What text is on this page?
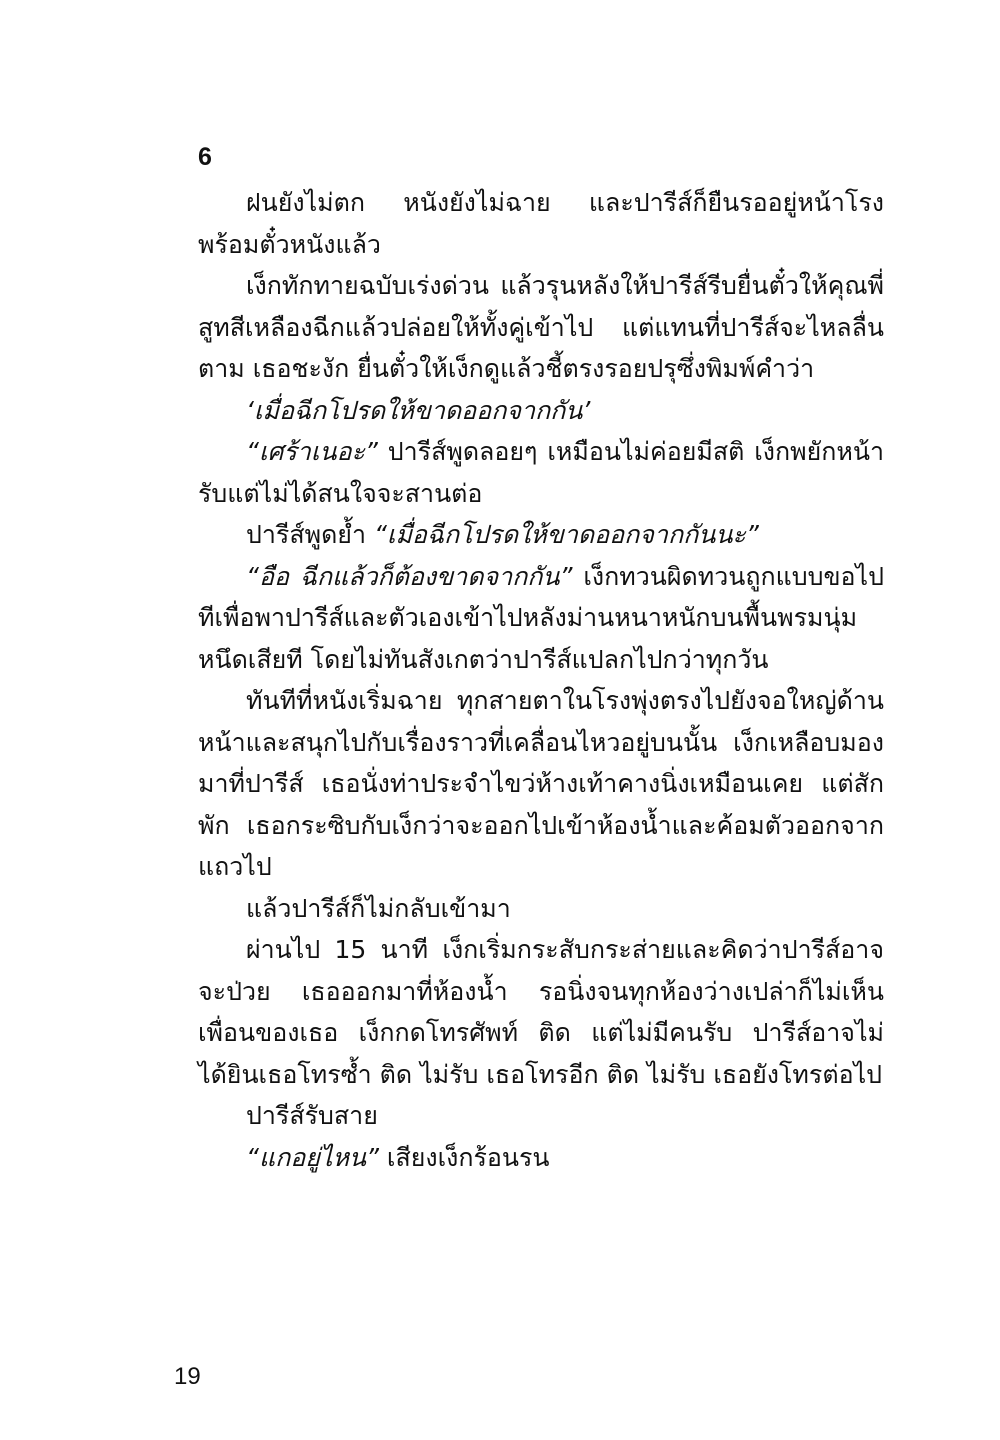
6

ฝนยังไม่ตก หนังยังไม่ฉาย และปารีส์ก็ยืนรออยู่หน้าโรงพร้อมตั๋วหนังแล้ว

เง็กทักทายฉบับเร่งด่วน แล้วรุนหลังให้ปารีส์รีบยื่นตั๋วให้คุณพี่สูทสีเหลืองฉีกแล้วปล่อยให้ทั้งคู่เข้าไป แต่แทนที่ปารีส์จะไหลลื่นตาม เธอชะงัก ยื่นตั๋วให้เง็กดูแล้วชี้ตรงรอยปรุซึ่งพิมพ์คำว่า

‘เมื่อฉีกโปรดให้ขาดออกจากกัน’

“เศร้าเนอะ” ปารีส์พูดลอยๆ เหมือนไม่ค่อยมีสติ เง็กพยักหน้ารับแต่ไม่ได้สนใจจะสานต่อ

ปารีส์พูดย้ำ “เมื่อฉีกโปรดให้ขาดออกจากกันนะ”

“อือ ฉีกแล้วก็ต้องขาดจากกัน” เง็กทวนผิดทวนถูกแบบขอไปทีเพื่อพาปารีส์และตัวเองเข้าไปหลังม่านหนาหนักบนพื้นพรมนุ่มหนึดเสียที โดยไม่ทันสังเกตว่าปารีส์แปลกไปกว่าทุกวัน

ทันทีที่หนังเริ่มฉาย ทุกสายตาในโรงพุ่งตรงไปยังจอใหญ่ด้านหน้าและสนุกไปกับเรื่องราวที่เคลื่อนไหวอยู่บนนั้น เง็กเหลือบมองมาที่ปารีส์ เธอนั่งท่าประจำไขว่ห้างเท้าคางนิ่งเหมือนเคย แต่สักพัก เธอกระซิบกับเง็กว่าจะออกไปเข้าห้องน้ำและค้อมตัวออกจากแถวไป

แล้วปารีส์ก็ไม่กลับเข้ามา

ผ่านไป 15 นาที เง็กเริ่มกระสับกระส่ายและคิดว่าปารีส์อาจจะป่วย เธอออกมาที่ห้องน้ำ รอนิ่งจนทุกห้องว่างเปล่าก็ไม่เห็นเพื่อนของเธอ เง็กกดโทรศัพท์ ติด แต่ไม่มีคนรับ ปารีส์อาจไม่ได้ยินเธอโทรซ้ำ ติด ไม่รับ เธอโทรอีก ติด ไม่รับ เธอยังโทรต่อไป

ปารีส์รับสาย

“แกอยู่ไหน” เสียงเง็กร้อนรน

19
